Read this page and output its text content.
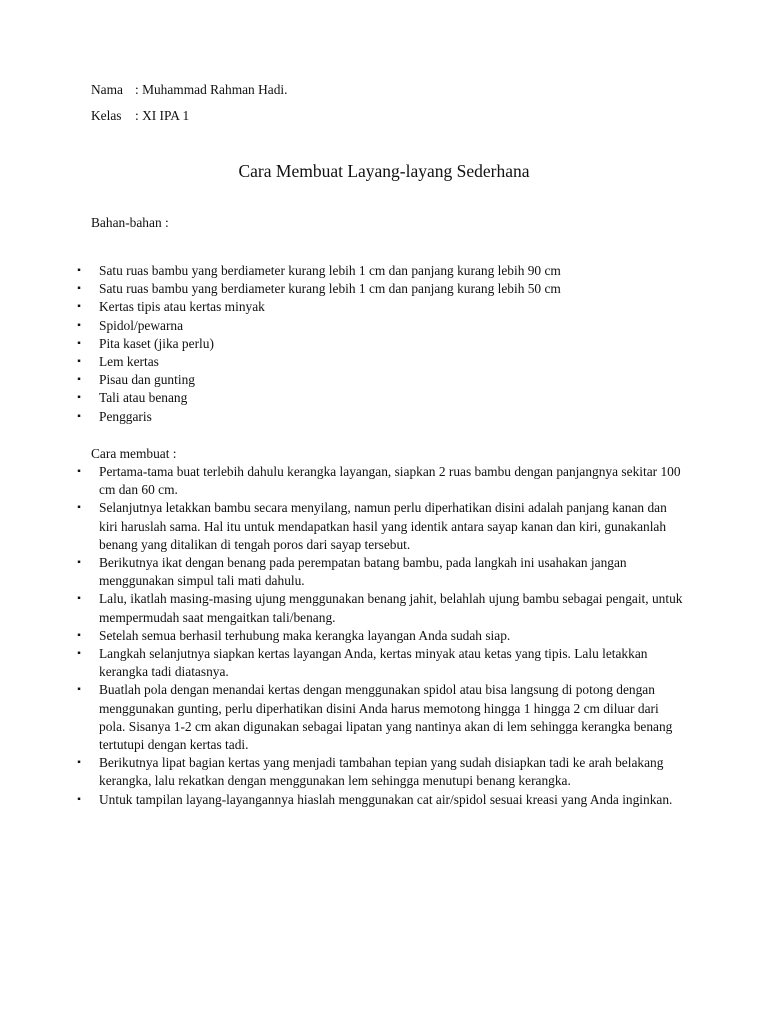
Nama : Muhammad Rahman Hadi.
Kelas : XI IPA 1
Cara Membuat Layang-layang Sederhana
Bahan-bahan :
▪ Satu ruas bambu yang berdiameter kurang lebih 1 cm dan panjang kurang lebih 90 cm
▪ Satu ruas bambu yang berdiameter kurang lebih 1 cm dan panjang kurang lebih 50 cm
▪ Kertas tipis atau kertas minyak
▪ Spidol/pewarna
▪ Pita kaset (jika perlu)
▪ Lem kertas
▪ Pisau dan gunting
▪ Tali atau benang
▪ Penggaris
Cara membuat :
▪ Pertama-tama buat terlebih dahulu kerangka layangan, siapkan 2 ruas bambu dengan panjangnya sekitar 100 cm dan 60 cm.
▪ Selanjutnya letakkan bambu secara menyilang, namun perlu diperhatikan disini adalah panjang kanan dan kiri haruslah sama. Hal itu untuk mendapatkan hasil yang identik antara sayap kanan dan kiri, gunakanlah benang yang ditalikan di tengah poros dari sayap tersebut.
▪ Berikutnya ikat dengan benang pada perempatan batang bambu, pada langkah ini usahakan jangan menggunakan simpul tali mati dahulu.
▪ Lalu, ikatlah masing-masing ujung menggunakan benang jahit, belahlah ujung bambu sebagai pengait, untuk mempermudah saat mengaitkan tali/benang.
▪ Setelah semua berhasil terhubung maka kerangka layangan Anda sudah siap.
▪ Langkah selanjutnya siapkan kertas layangan Anda, kertas minyak atau ketas yang tipis. Lalu letakkan kerangka tadi diatasnya.
▪ Buatlah pola dengan menandai kertas dengan menggunakan spidol atau bisa langsung di potong dengan menggunakan gunting, perlu diperhatikan disini Anda harus memotong hingga 1 hingga 2 cm diluar dari pola. Sisanya 1-2 cm akan digunakan sebagai lipatan yang nantinya akan di lem sehingga kerangka benang tertutupi dengan kertas tadi.
▪ Berikutnya lipat bagian kertas yang menjadi tambahan tepian yang sudah disiapkan tadi ke arah belakang kerangka, lalu rekatkan dengan menggunakan lem sehingga menutupi benang kerangka.
▪ Untuk tampilan layang-layangannya hiaslah menggunakan cat air/spidol sesuai kreasi yang Anda inginkan.
